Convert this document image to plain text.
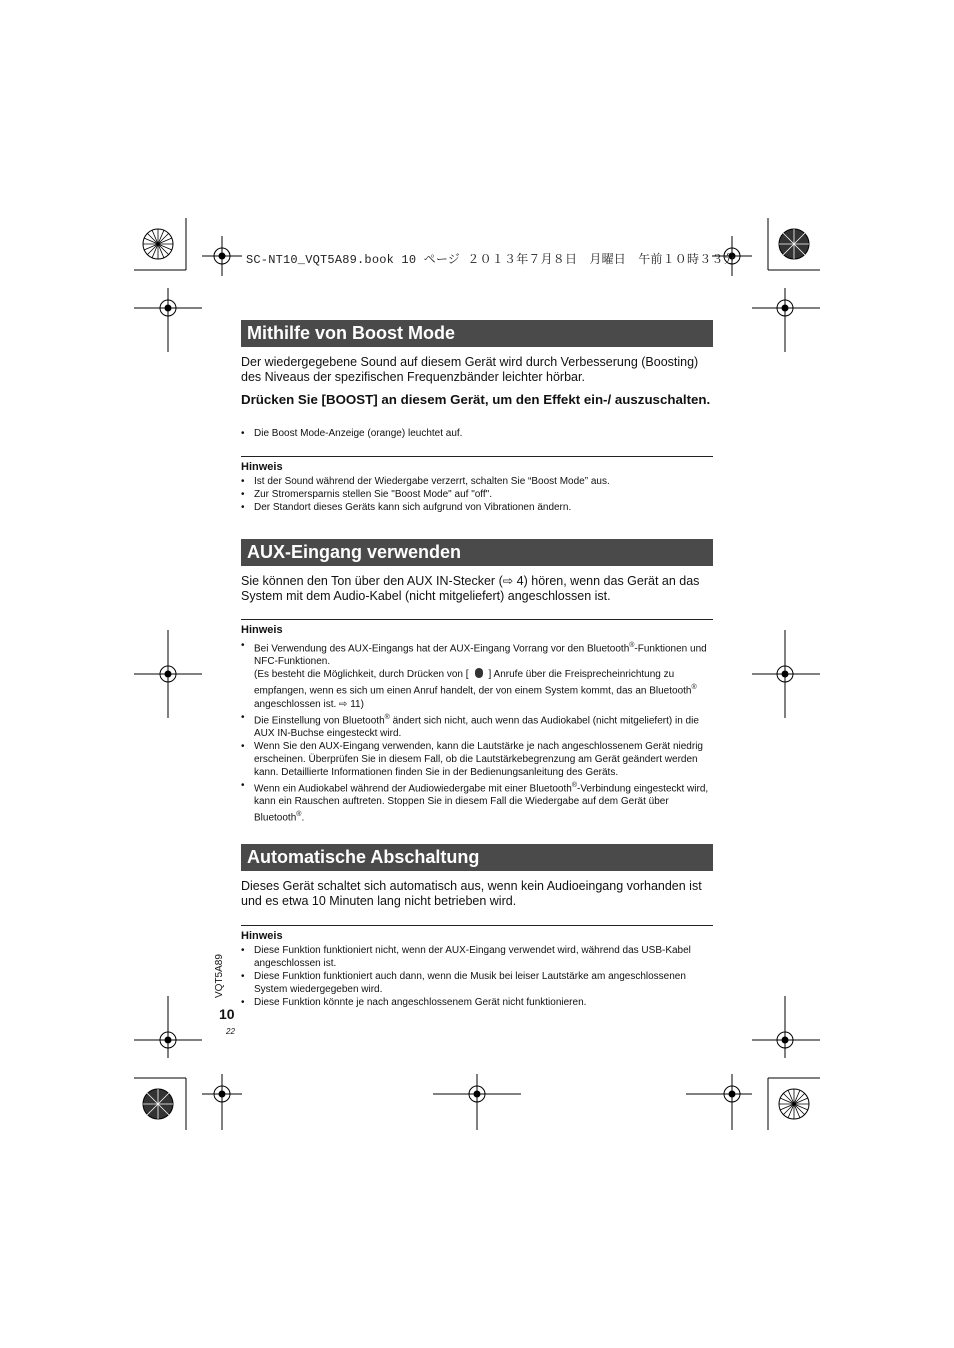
SC-NT10_VQT5A89.book 10 ページ ２０１３年７月８日　月曜日　午前１０時３３分
Mithilfe von Boost Mode

Der wiedergegebene Sound auf diesem Gerät wird durch Verbesserung (Boosting) des Niveaus der spezifischen Frequenzbänder leichter hörbar.

Drücken Sie [BOOST] an diesem Gerät, um den Effekt ein-/ auszuschalten.

• Die Boost Mode-Anzeige (orange) leuchtet auf.
Hinweis
• Ist der Sound während der Wiedergabe verzerrt, schalten Sie “Boost Mode” aus.
• Zur Stromersparnis stellen Sie "Boost Mode" auf "off".
• Der Standort dieses Geräts kann sich aufgrund von Vibrationen ändern.
AUX-Eingang verwenden

Sie können den Ton über den AUX IN-Stecker (⇨ 4) hören, wenn das Gerät an das System mit dem Audio-Kabel (nicht mitgeliefert) angeschlossen ist.

Hinweis
• Bei Verwendung des AUX-Eingangs hat der AUX-Eingang Vorrang vor den Bluetooth®-Funktionen und NFC-Funktionen.
(Es besteht die Möglichkeit, durch Drücken von [ ] Anrufe über die Freisprecheinrichtung zu empfangen, wenn es sich um einen Anruf handelt, der von einem System kommt, das an Bluetooth® angeschlossen ist. ⇨ 11)
• Die Einstellung von Bluetooth® ändert sich nicht, auch wenn das Audiokabel (nicht mitgeliefert) in die AUX IN-Buchse eingesteckt wird.
• Wenn Sie den AUX-Eingang verwenden, kann die Lautstärke je nach angeschlossenem Gerät niedrig erscheinen. Überprüfen Sie in diesem Fall, ob die Lautstärkebegrenzung am Gerät geändert werden kann. Detaillierte Informationen finden Sie in der Bedienungsanleitung des Geräts.
• Wenn ein Audiokabel während der Audiowiedergabe mit einer Bluetooth®-Verbindung eingesteckt wird, kann ein Rauschen auftreten. Stoppen Sie in diesem Fall die Wiedergabe auf dem Gerät über Bluetooth®.
Automatische Abschaltung

Dieses Gerät schaltet sich automatisch aus, wenn kein Audioeingang vorhanden ist und es etwa 10 Minuten lang nicht betrieben wird.

Hinweis
• Diese Funktion funktioniert nicht, wenn der AUX-Eingang verwendet wird, während das USB-Kabel angeschlossen ist.
• Diese Funktion funktioniert auch dann, wenn die Musik bei leiser Lautstärke am angeschlossenen System wiedergegeben wird.
• Diese Funktion könnte je nach angeschlossenem Gerät nicht funktionieren.
VQT5A89
10
22
